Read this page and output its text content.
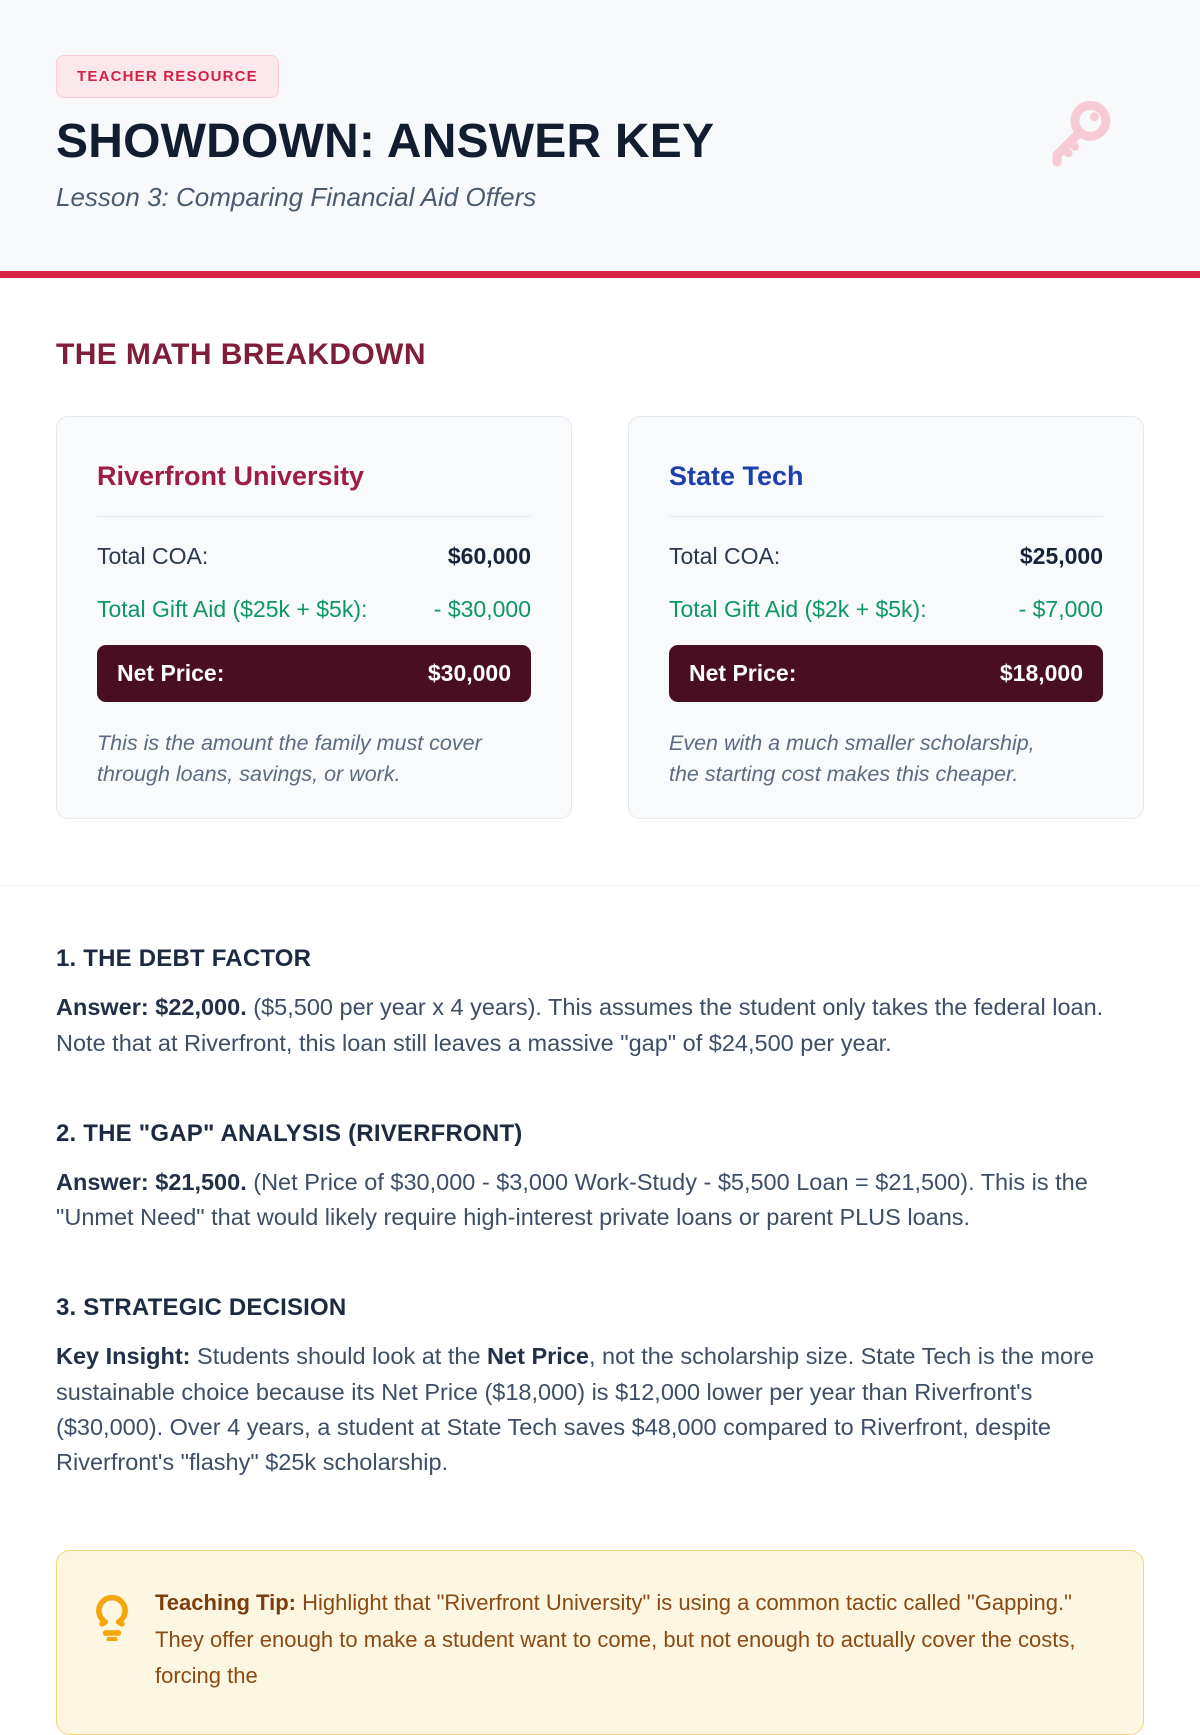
TEACHER RESOURCE
SHOWDOWN: ANSWER KEY
Lesson 3: Comparing Financial Aid Offers
THE MATH BREAKDOWN
Riverfront University
Total COA:	$60,000
Total Gift Aid ($25k + $5k):	- $30,000
Net Price:	$30,000

This is the amount the family must cover through loans, savings, or work.

State Tech
Total COA:	$25,000
Total Gift Aid ($2k + $5k):	- $7,000
Net Price:	$18,000

Even with a much smaller scholarship, the starting cost makes this cheaper.

1. THE DEBT FACTOR

Answer: $22,000. ($5,500 per year x 4 years). This assumes the student only takes the federal loan. Note that at Riverfront, this loan still leaves a massive "gap" of $24,500 per year.

2. THE "GAP" ANALYSIS (RIVERFRONT)

Answer: $21,500. (Net Price of $30,000 - $3,000 Work-Study - $5,500 Loan = $21,500). This is the "Unmet Need" that would likely require high-interest private loans or parent PLUS loans.

3. STRATEGIC DECISION

Key Insight: Students should look at the Net Price, not the scholarship size. State Tech is the more sustainable choice because its Net Price ($18,000) is $12,000 lower per year than Riverfront's ($30,000). Over 4 years, a student at State Tech saves $48,000 compared to Riverfront, despite Riverfront's "flashy" $25k scholarship.

Teaching Tip: Highlight that "Riverfront University" is using a common tactic called "Gapping." They offer enough to make a student want to come, but not enough to actually cover the costs, forcing the
